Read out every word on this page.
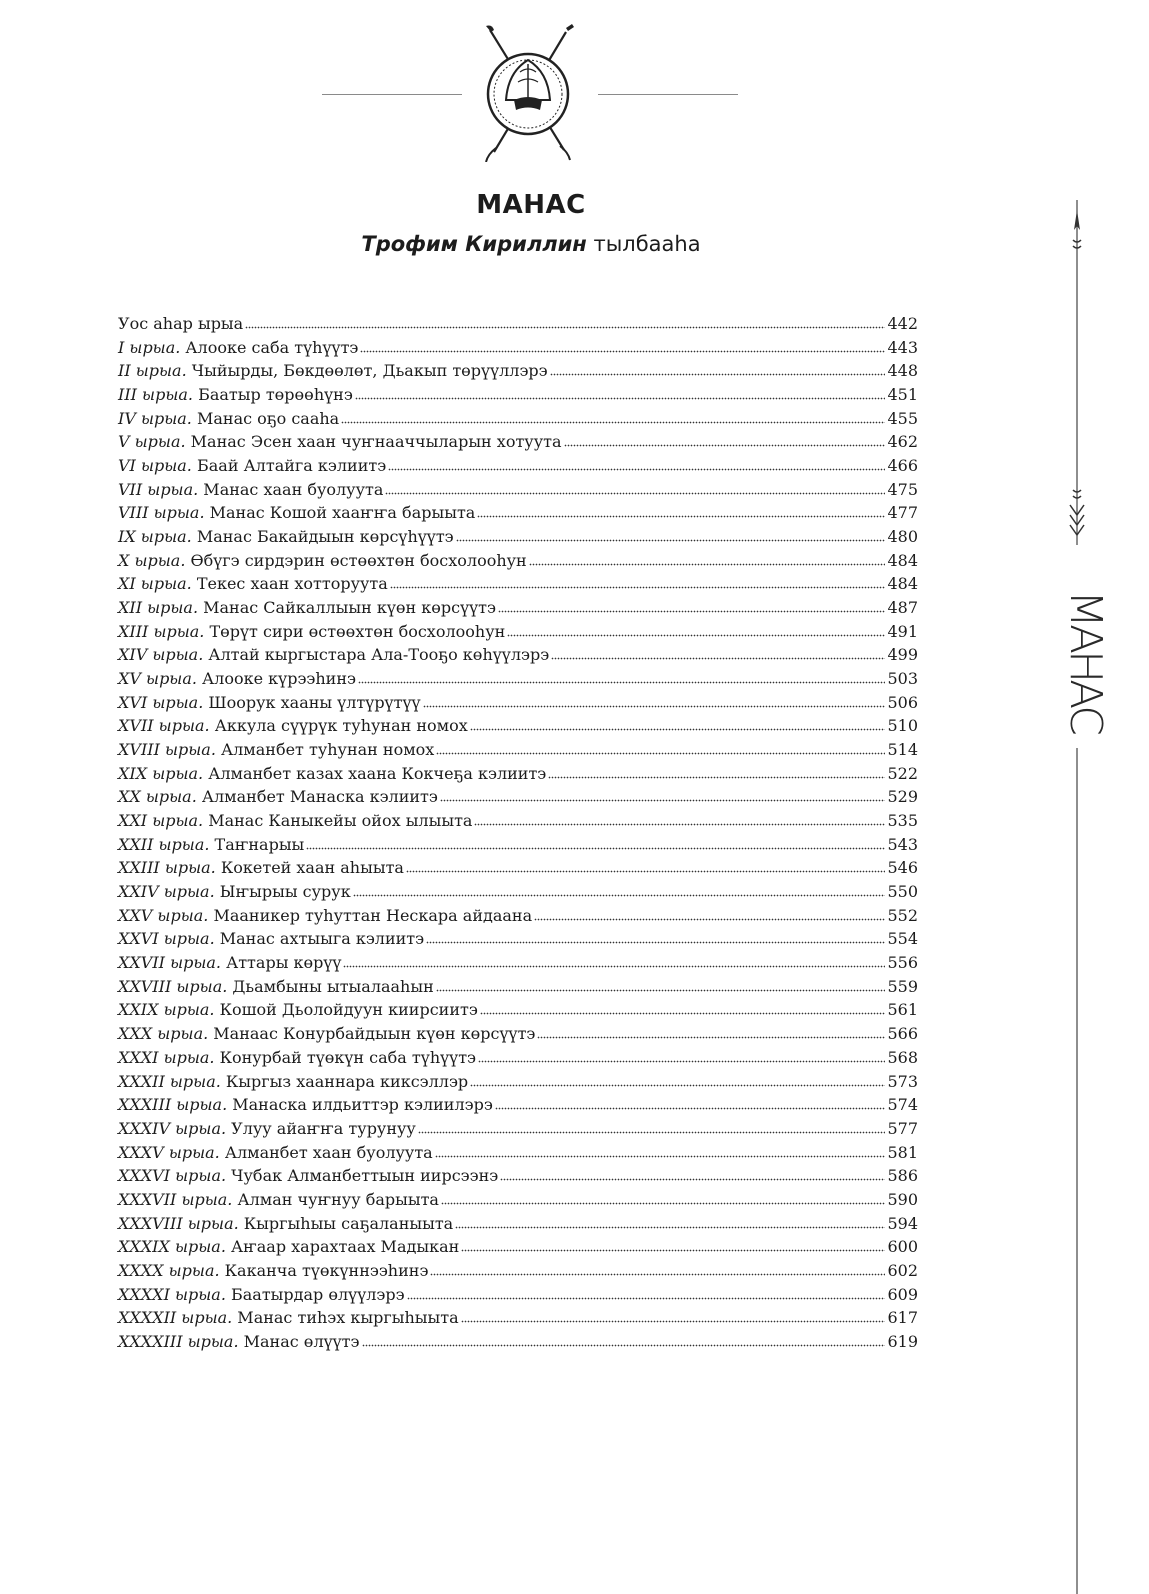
МАНАС
Трофим Кириллин тылбааһа
Уос аһар ырыа	442
I ырыа. Алооке саба түһүүтэ	443
II ырыа. Чыйырды, Бөкдөөлөт, Дьакып төрүүллэрэ	448
III ырыа. Баатыр төрөөһүнэ	451
IV ырыа. Манас оҕо сааһа	455
V ырыа. Манас Эсен хаан чуҥнааччыларын хотуута	462
VI ырыа. Баай Алтайга кэлиитэ	466
VII ырыа. Манас хаан буолуута	475
VIII ырыа. Манас Кошой хааҥҥа барыыта	477
IX ырыа. Манас Бакайдыын көрсүһүүтэ	480
X ырыа. Өбүгэ сирдэрин өстөөхтөн босхолооһун	484
XI ырыа. Текес хаан хотторуута	484
XII ырыа. Манас Сайкаллыын күөн көрсүүтэ	487
XIII ырыа. Төрүт сири өстөөхтөн босхолооһун	491
XIV ырыа. Алтай кыргыстара Ала-Тооҕо көһүүлэрэ	499
XV ырыа. Алооке күрээһинэ	503
XVI ырыа. Шоорук хааны үлтүрүтүү	506
XVII ырыа. Аккула сүүрүк туһунан номох	510
XVIII ырыа. Алманбет туһунан номох	514
XIX ырыа. Алманбет казах хаана Кокчеҕа кэлиитэ	522
XX ырыа. Алманбет Манаска кэлиитэ	529
XXI ырыа. Манас Каныкейы ойох ылыыта	535
XXII ырыа. Таҥнарыы	543
XXIII ырыа. Кокетей хаан аһыыта	546
XXIV ырыа. Ыҥырыы сурук	550
XXV ырыа. Мааникер туһуттан Нескара айдаана	552
XXVI ырыа. Манас ахтыыга кэлиитэ	554
XXVII ырыа. Аттары көрүү	556
XXVIII ырыа. Дьамбыны ытыалааһын	559
XXIX ырыа. Кошой Дьолойдуун киирсиитэ	561
XXX ырыа. Манаас Конурбайдыын күөн көрсүүтэ	566
XXXI ырыа. Конурбай түөкүн саба түһүүтэ	568
XXXII ырыа. Кыргыз хааннара киксэллэр	573
XXXIII ырыа. Манаска илдьиттэр кэлиилэрэ	574
XXXIV ырыа. Улуу айаҥҥа турунуу	577
XXXV ырыа. Алманбет хаан буолуута	581
XXXVI ырыа. Чубак Алманбеттыын иирсээнэ	586
XXXVII ырыа. Алман чуҥнуу барыыта	590
XXXVIII ырыа. Кыргыһыы саҕаланыыта	594
XXXIX ырыа. Аҥаар харахтаах Мадыкан	600
XXXX ырыа. Каканча түөкүннээһинэ	602
XXXXI ырыа. Баатырдар өлүүлэрэ	609
XXXXII ырыа. Манас тиһэх кыргыһыыта	617
XXXXIII ырыа. Манас өлүүтэ	619
МАНАС
